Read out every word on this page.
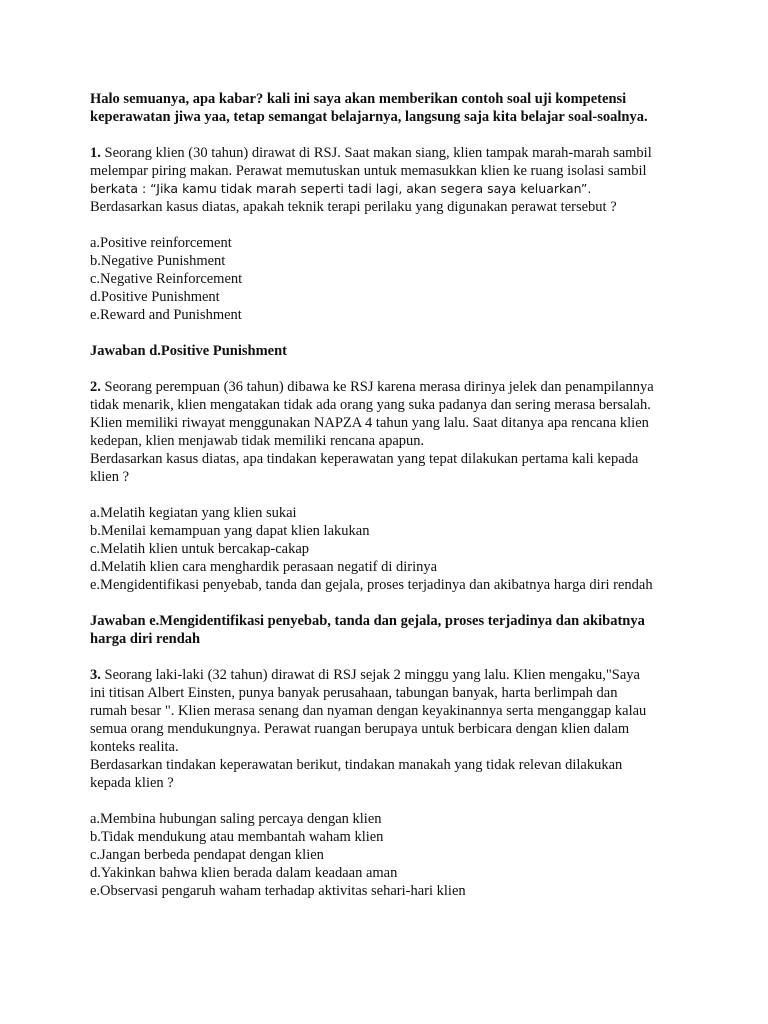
Halo semuanya, apa kabar? kali ini saya akan memberikan contoh soal uji kompetensi
keperawatan jiwa yaa, tetap semangat belajarnya, langsung saja kita belajar soal-soalnya.

1. Seorang klien (30 tahun) dirawat di RSJ. Saat makan siang, klien tampak marah-marah sambil
melempar piring makan. Perawat memutuskan untuk memasukkan klien ke ruang isolasi sambil
berkata : “Jika kamu tidak marah seperti tadi lagi, akan segera saya keluarkan”.
Berdasarkan kasus diatas, apakah teknik terapi perilaku yang digunakan perawat tersebut ?

a.Positive reinforcement
b.Negative Punishment
c.Negative Reinforcement
d.Positive Punishment
e.Reward and Punishment

Jawaban d.Positive Punishment

2. Seorang perempuan (36 tahun) dibawa ke RSJ karena merasa dirinya jelek dan penampilannya
tidak menarik, klien mengatakan tidak ada orang yang suka padanya dan sering merasa bersalah.
Klien memiliki riwayat menggunakan NAPZA 4 tahun yang lalu. Saat ditanya apa rencana klien
kedepan, klien menjawab tidak memiliki rencana apapun.
Berdasarkan kasus diatas, apa tindakan keperawatan yang tepat dilakukan pertama kali kepada
klien ?

a.Melatih kegiatan yang klien sukai
b.Menilai kemampuan yang dapat klien lakukan
c.Melatih klien untuk bercakap-cakap
d.Melatih klien cara menghardik perasaan negatif di dirinya
e.Mengidentifikasi penyebab, tanda dan gejala, proses terjadinya dan akibatnya harga diri rendah

Jawaban e.Mengidentifikasi penyebab, tanda dan gejala, proses terjadinya dan akibatnya
harga diri rendah

3. Seorang laki-laki (32 tahun) dirawat di RSJ sejak 2 minggu yang lalu. Klien mengaku,"Saya
ini titisan Albert Einsten, punya banyak perusahaan, tabungan banyak, harta berlimpah dan
rumah besar ". Klien merasa senang dan nyaman dengan keyakinannya serta menganggap kalau
semua orang mendukungnya. Perawat ruangan berupaya untuk berbicara dengan klien dalam
konteks realita.
Berdasarkan tindakan keperawatan berikut, tindakan manakah yang tidak relevan dilakukan
kepada klien ?

a.Membina hubungan saling percaya dengan klien
b.Tidak mendukung atau membantah waham klien
c.Jangan berbeda pendapat dengan klien
d.Yakinkan bahwa klien berada dalam keadaan aman
e.Observasi pengaruh waham terhadap aktivitas sehari-hari klien
